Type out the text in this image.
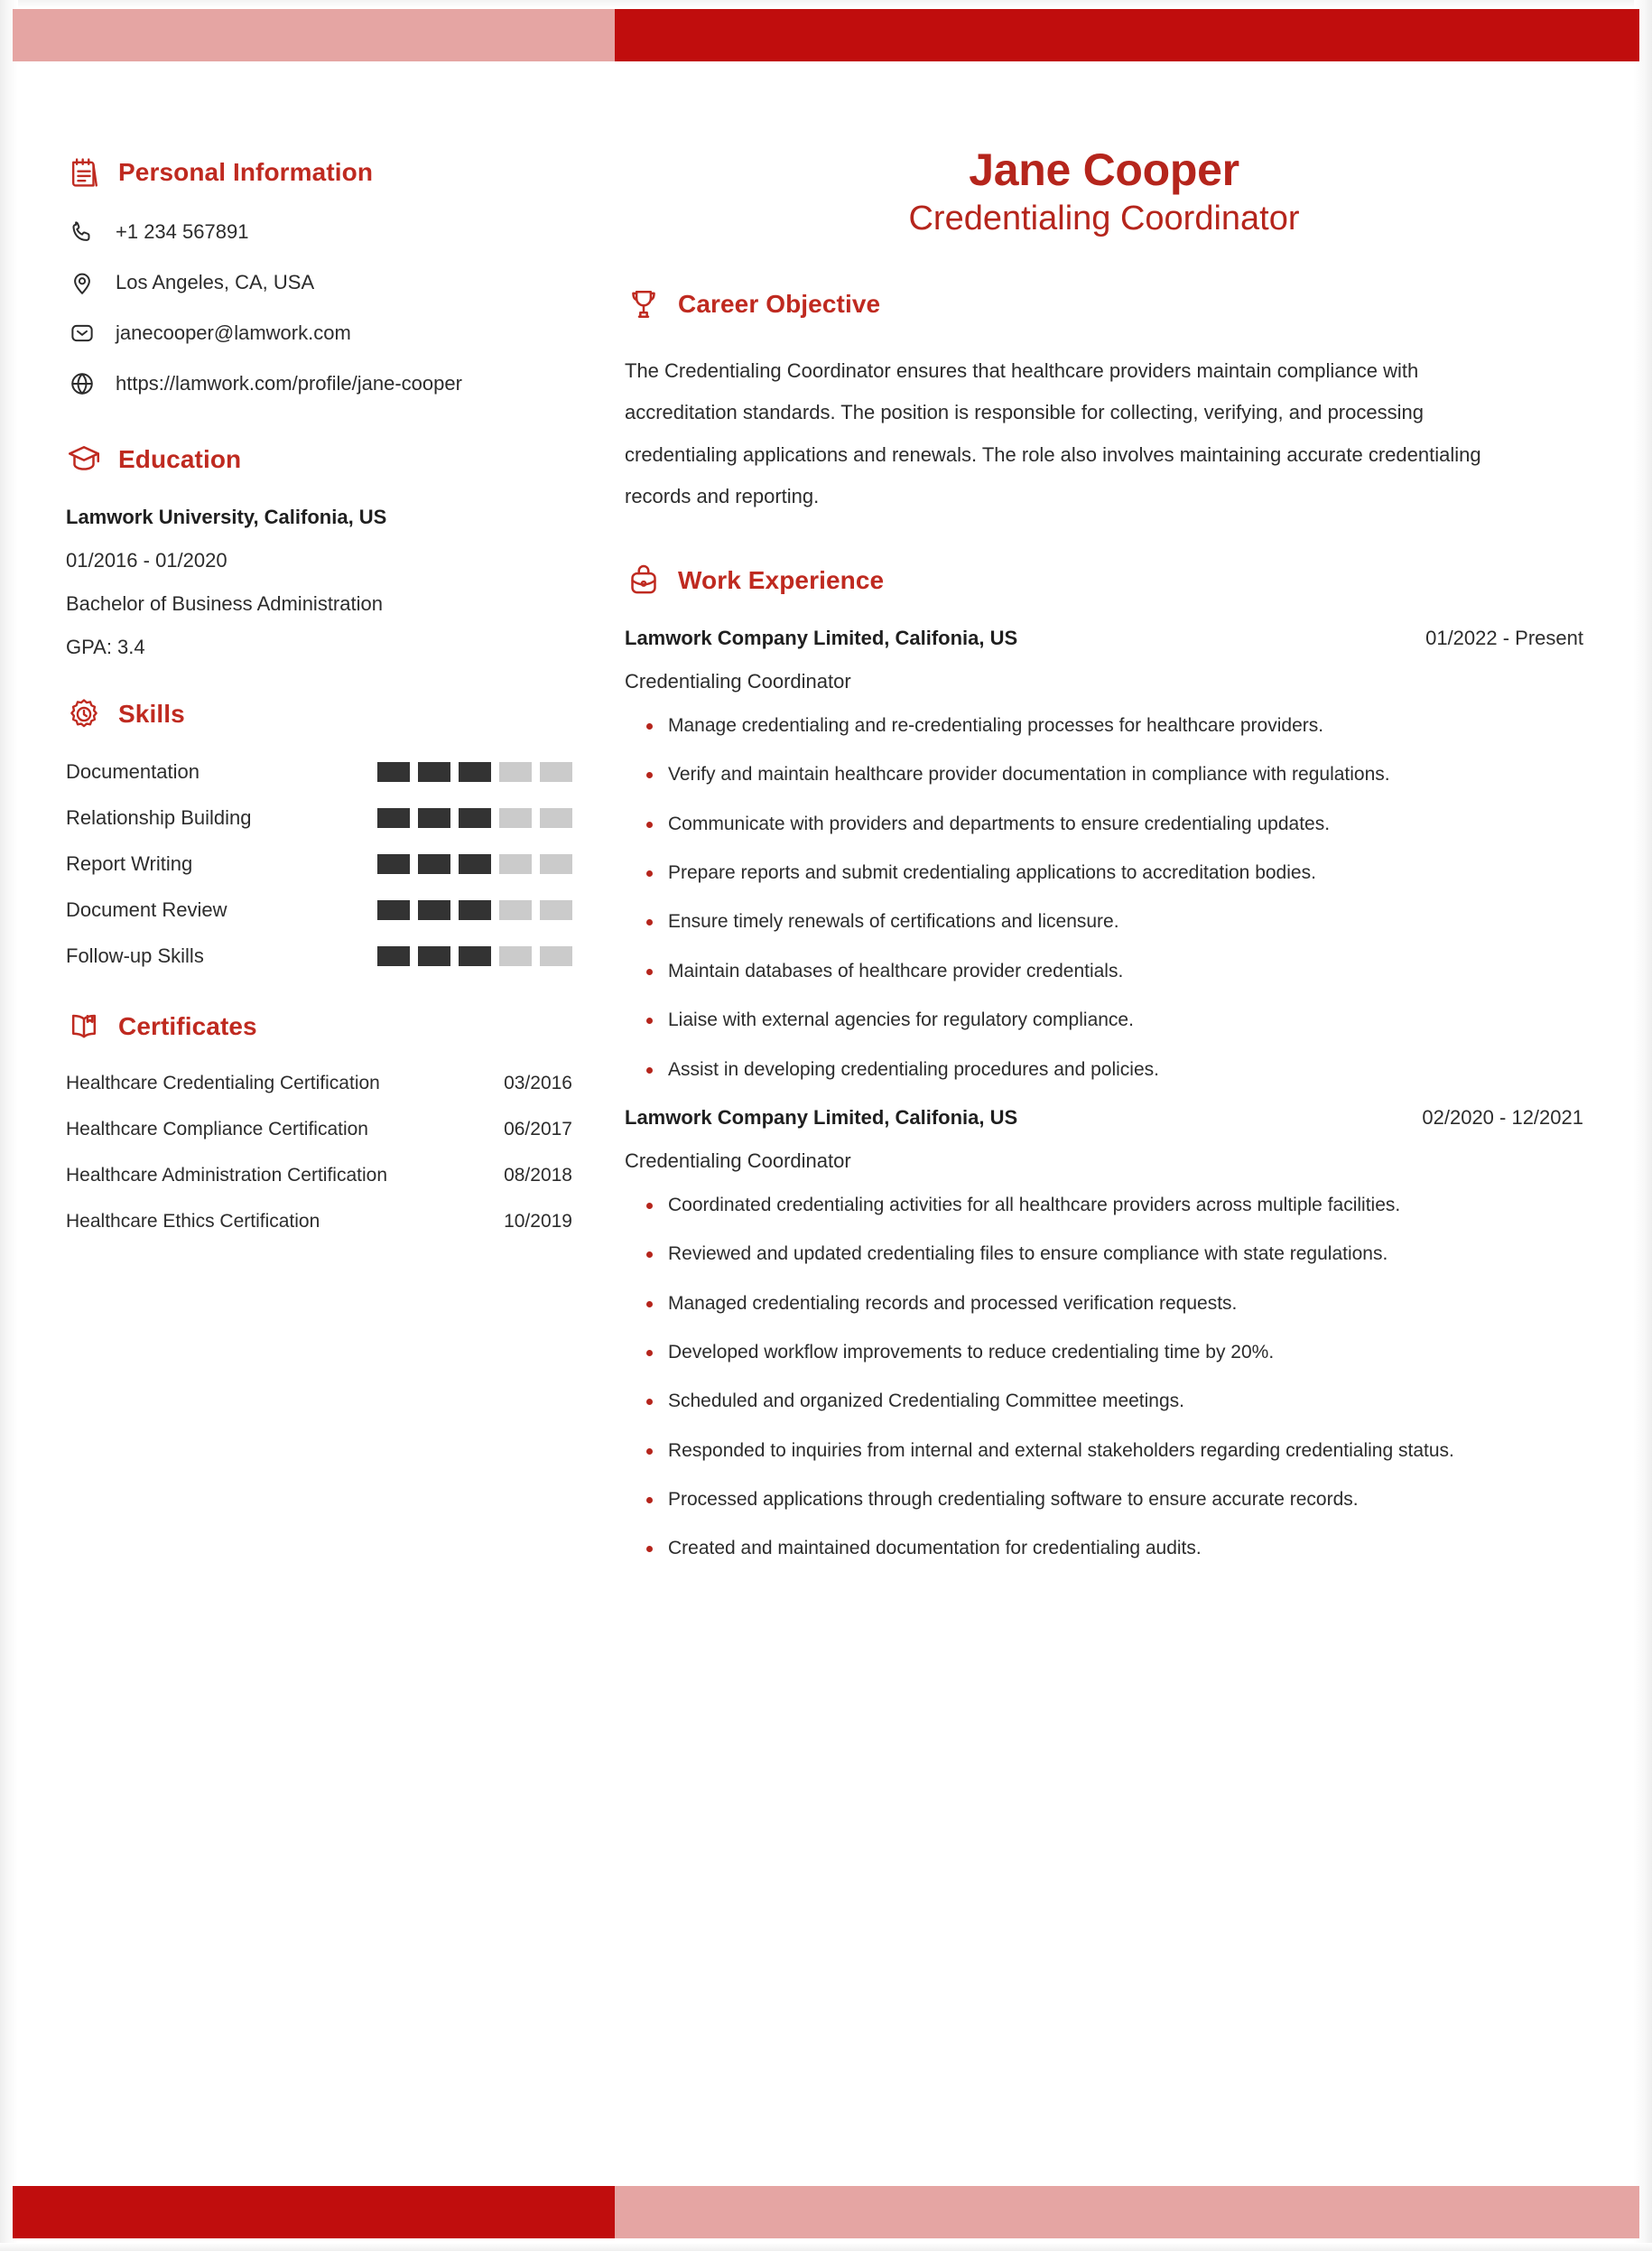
Personal Information
+1 234 567891
Los Angeles, CA, USA
janecooper@lamwork.com
https://lamwork.com/profile/jane-cooper
Education
Lamwork University, Califonia, US
01/2016 - 01/2020
Bachelor of Business Administration
GPA: 3.4
Skills
Documentation
Relationship Building
Report Writing
Document Review
Follow-up Skills
Certificates
Healthcare Credentialing Certification	03/2016
Healthcare Compliance Certification	06/2017
Healthcare Administration Certification	08/2018
Healthcare Ethics Certification	10/2019
Jane Cooper
Credentialing Coordinator
Career Objective

The Credentialing Coordinator ensures that healthcare providers maintain compliance with accreditation standards. The position is responsible for collecting, verifying, and processing credentialing applications and renewals. The role also involves maintaining accurate credentialing records and reporting.

Work Experience
Lamwork Company Limited, Califonia, US	01/2022 - Present
Credentialing Coordinator
Manage credentialing and re-credentialing processes for healthcare providers.
Verify and maintain healthcare provider documentation in compliance with regulations.
Communicate with providers and departments to ensure credentialing updates.
Prepare reports and submit credentialing applications to accreditation bodies.
Ensure timely renewals of certifications and licensure.
Maintain databases of healthcare provider credentials.
Liaise with external agencies for regulatory compliance.
Assist in developing credentialing procedures and policies.
Lamwork Company Limited, Califonia, US	02/2020 - 12/2021
Credentialing Coordinator
Coordinated credentialing activities for all healthcare providers across multiple facilities.
Reviewed and updated credentialing files to ensure compliance with state regulations.
Managed credentialing records and processed verification requests.
Developed workflow improvements to reduce credentialing time by 20%.
Scheduled and organized Credentialing Committee meetings.
Responded to inquiries from internal and external stakeholders regarding credentialing status.
Processed applications through credentialing software to ensure accurate records.
Created and maintained documentation for credentialing audits.
